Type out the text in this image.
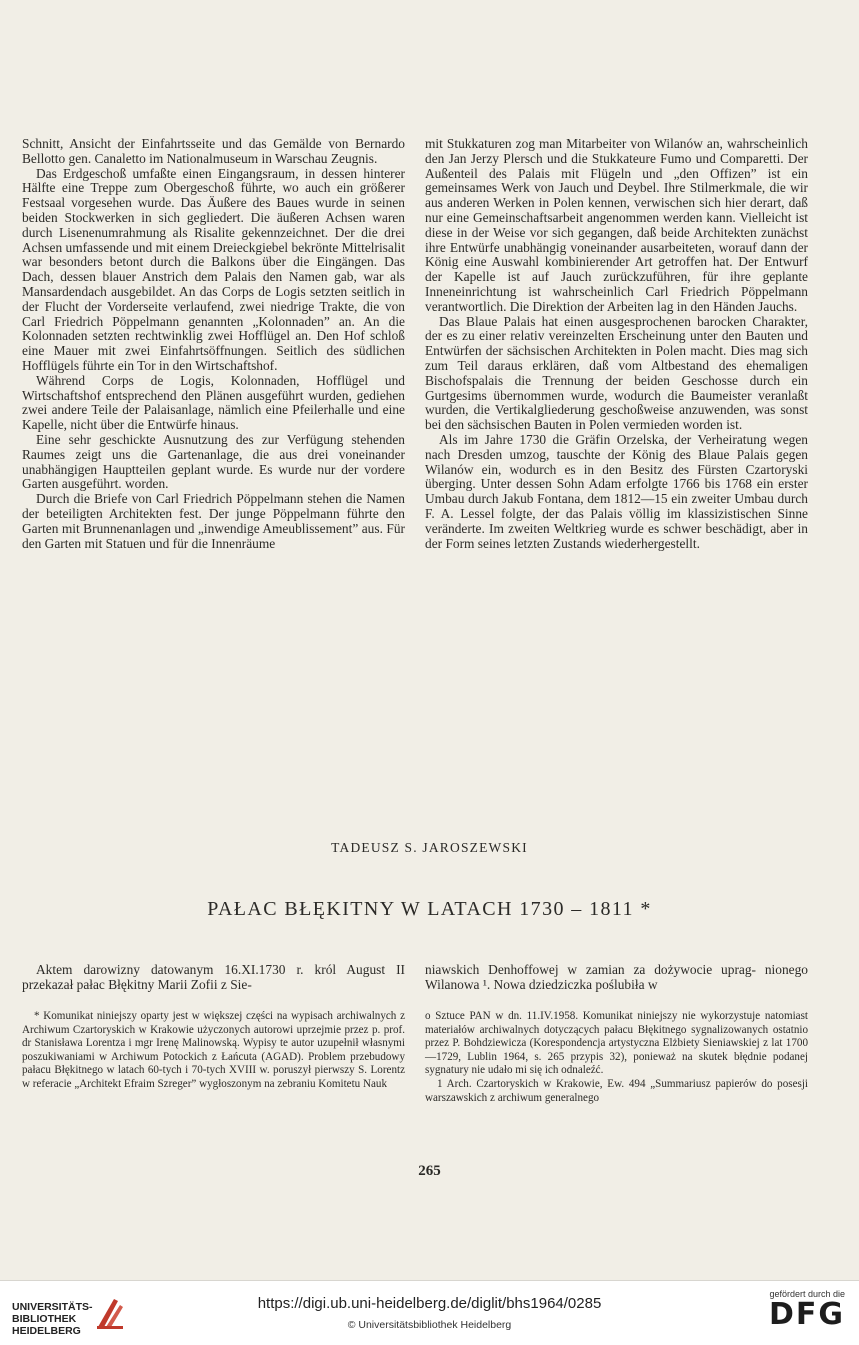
Schnitt, Ansicht der Einfahrtsseite und das Gemälde von Bernardo Bellotto gen. Canaletto im Nationalmuseum in Warschau Zeugnis.

Das Erdgeschoß umfaßte einen Eingangsraum, in dessen hinterer Hälfte eine Treppe zum Obergeschoß führte, wo auch ein größerer Festsaal vorgesehen wurde. Das Äußere des Baues wurde in seinen beiden Stockwerken in sich gegliedert. Die äußeren Achsen waren durch Lisenenumrahmung als Risalite gekennzeichnet. Der die drei Achsen umfassende und mit einem Dreieckgiebel bekrönte Mittelrisalit war besonders betont durch die Balkons über die Eingängen. Das Dach, dessen blauer Anstrich dem Palais den Namen gab, war als Mansardendach ausgebildet. An das Corps de Logis setzten seitlich in der Flucht der Vorderseite verlaufend, zwei niedrige Trakte, die von Carl Friedrich Pöppelmann genannten „Kolonnaden” an. An die Kolonnaden setzten rechtwinklig zwei Hofflügel an. Den Hof schloß eine Mauer mit zwei Einfahrtsöffnungen. Seitlich des südlichen Hofflügels führte ein Tor in den Wirtschaftshof.

Während Corps de Logis, Kolonnaden, Hofflügel und Wirtschaftshof entsprechend den Plänen ausgeführt wurden, gediehen zwei andere Teile der Palaisanlage, nämlich eine Pfeilerhalle und eine Kapelle, nicht über die Entwürfe hinaus.

Eine sehr geschickte Ausnutzung des zur Verfügung stehenden Raumes zeigt uns die Gartenanlage, die aus drei voneinander unabhängigen Hauptteilen geplant wurde. Es wurde nur der vordere Garten ausgeführt. worden.

Durch die Briefe von Carl Friedrich Pöppelmann stehen die Namen der beteiligten Architekten fest. Der junge Pöppelmann führte den Garten mit Brunnenanlagen und „inwendige Ameublissement” aus. Für den Garten mit Statuen und für die Innenräume

mit Stukkaturen zog man Mitarbeiter von Wilanów an, wahrscheinlich den Jan Jerzy Plersch und die Stukkateure Fumo und Comparetti. Der Außenteil des Palais mit Flügeln und „den Offizen” ist ein gemeinsames Werk von Jauch und Deybel. Ihre Stilmerkmale, die wir aus anderen Werken in Polen kennen, verwischen sich hier derart, daß nur eine Gemeinschaftsarbeit angenommen werden kann. Vielleicht ist diese in der Weise vor sich gegangen, daß beide Architekten zunächst ihre Entwürfe unabhängig voneinander ausarbeiteten, worauf dann der König eine Auswahl kombinierender Art getroffen hat. Der Entwurf der Kapelle ist auf Jauch zurückzuführen, für ihre geplante Inneneinrichtung ist wahrscheinlich Carl Friedrich Pöppelmann verantwortlich. Die Direktion der Arbeiten lag in den Händen Jauchs.

Das Blaue Palais hat einen ausgesprochenen barocken Charakter, der es zu einer relativ vereinzelten Erscheinung unter den Bauten und Entwürfen der sächsischen Architekten in Polen macht. Dies mag sich zum Teil daraus erklären, daß vom Altbestand des ehemaligen Bischofspalais die Trennung der beiden Geschosse durch ein Gurtgesims übernommen wurde, wodurch die Baumeister veranlaßt wurden, die Vertikalgliederung geschoßweise anzuwenden, was sonst bei den sächsischen Bauten in Polen vermieden worden ist.

Als im Jahre 1730 die Gräfin Orzelska, der Verheiratung wegen nach Dresden umzog, tauschte der König des Blaue Palais gegen Wilanów ein, wodurch es in den Besitz des Fürsten Czartoryski überging. Unter dessen Sohn Adam erfolgte 1766 bis 1768 ein erster Umbau durch Jakub Fontana, dem 1812—15 ein zweiter Umbau durch F. A. Lessel folgte, der das Palais völlig im klassizistischen Sinne veränderte. Im zweiten Weltkrieg wurde es schwer beschädigt, aber in der Form seines letzten Zustands wiederhergestellt.

TADEUSZ S. JAROSZEWSKI
PAŁAC BŁĘKITNY W LATACH 1730 – 1811 *

Aktem darowizny datowanym 16.XI.1730 r. król August II przekazał pałac Błękitny Marii Zofii z Sie-

niawskich Denhoffowej w zamian za dożywocie uprag- nionego Wilanowa ¹. Nowa dziedziczka poślubiła w

* Komunikat niniejszy oparty jest w większej części na wypisach archiwalnych z Archiwum Czartoryskich w Krakowie użyczonych autorowi uprzejmie przez p. prof. dr Stanisława Lorentza i mgr Irenę Malinowską. Wypisy te autor uzupełnił własnymi poszukiwaniami w Archiwum Potockich z Łańcuta (AGAD). Problem przebudowy pałacu Błękitnego w latach 60-tych i 70-tych XVIII w. poruszył pierwszy S. Lorentz w referacie „Architekt Efraim Szreger” wygłoszonym na zebraniu Komitetu Nauk

o Sztuce PAN w dn. 11.IV.1958. Komunikat niniejszy nie wykorzystuje natomiast materiałów archiwalnych dotyczących pałacu Błękitnego sygnalizowanych ostatnio przez P. Bohdziewicza (Korespondencja artystyczna Elżbiety Sieniawskiej z lat 1700—1729, Lublin 1964, s. 265 przypis 32), ponieważ na skutek błędnie podanej sygnatury nie udało mi się ich odnaleźć.

1 Arch. Czartoryskich w Krakowie, Ew. 494 „Summariusz papierów do posesji warszawskich z archiwum generalnego

265
UNIVERSITÄTS-
BIBLIOTHEK
HEIDELBERG
https://digi.ub.uni-heidelberg.de/diglit/bhs1964/0285
© Universitätsbibliothek Heidelberg
gefördert durch die
DFG
